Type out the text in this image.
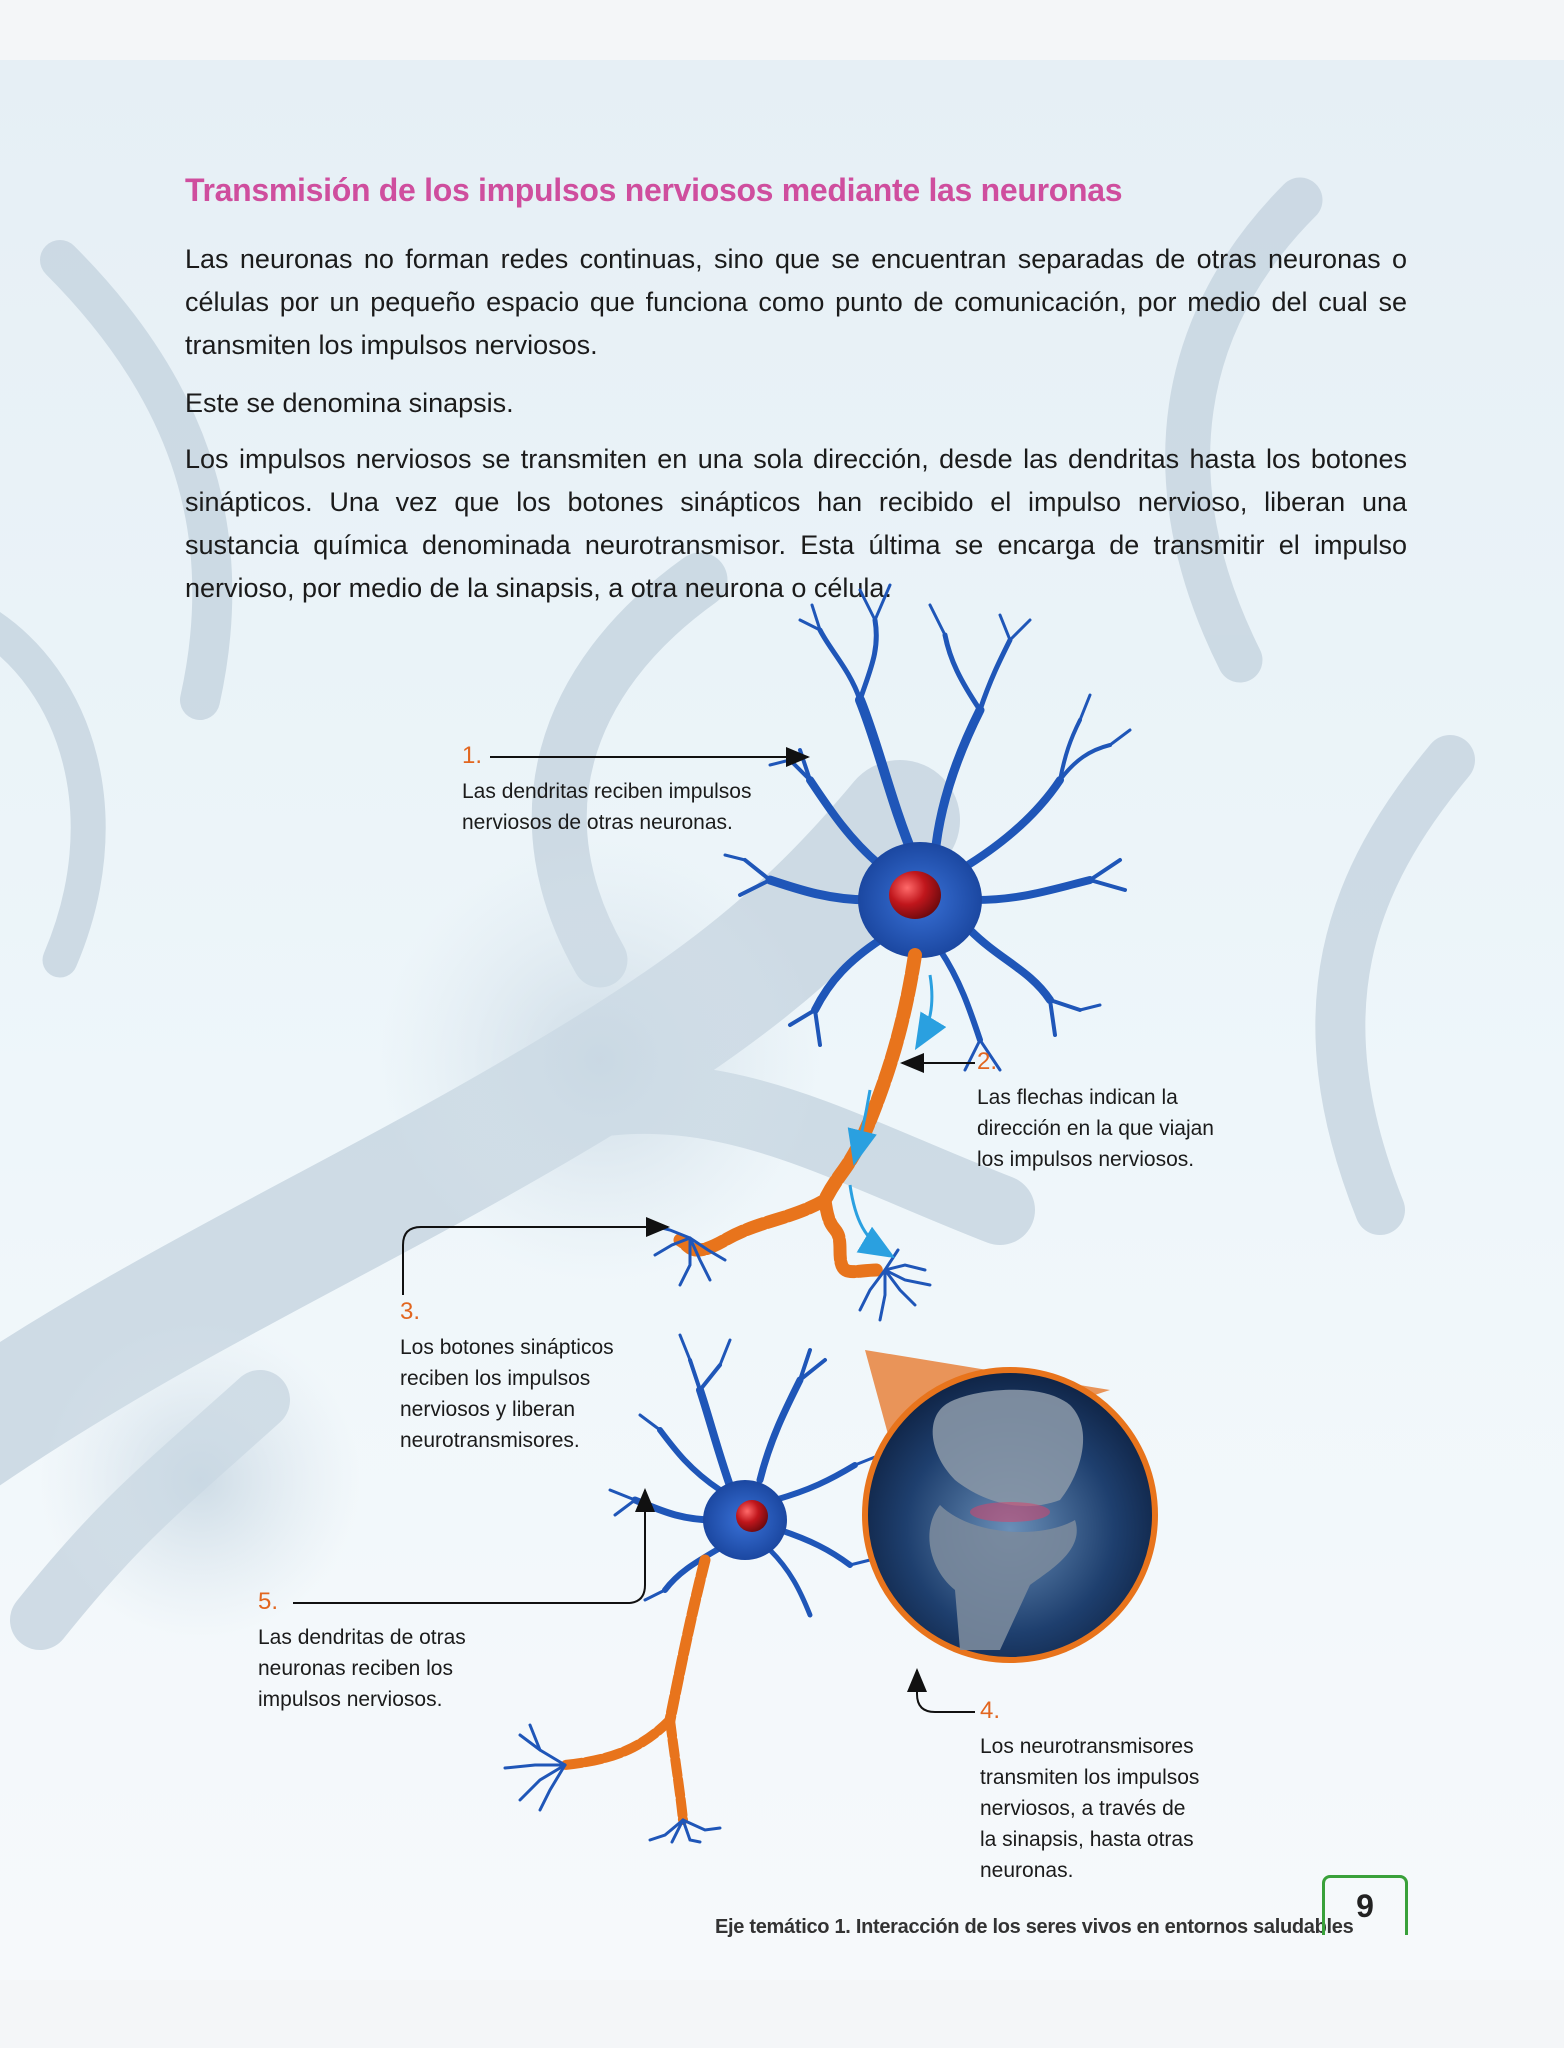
Transmisión de los impulsos nerviosos mediante las neuronas

Las neuronas no forman redes continuas, sino que se encuentran separadas de otras neuronas o células por un pequeño espacio que funciona como punto de comunicación, por medio del cual se transmiten los impulsos nerviosos.

Este se denomina sinapsis.

Los impulsos nerviosos se transmiten en una sola dirección, desde las dendritas hasta los botones sinápticos. Una vez que los botones sinápticos han recibido el impulso nervioso, liberan una sustancia química denominada neurotransmisor. Esta última se encarga de transmitir el impulso nervioso, por medio de la sinapsis, a otra neurona o célula.

1.
Las dendritas reciben impulsos
nerviosos de otras neuronas.
2.
Las flechas indican la
dirección en la que viajan
los impulsos nerviosos.
3.
Los botones sinápticos
reciben los impulsos
nerviosos y liberan
neurotransmisores.
4.
Los neurotransmisores
transmiten los impulsos
nerviosos, a través de
la sinapsis, hasta otras
neuronas.
5.
Las dendritas de otras
neuronas reciben los
impulsos nerviosos.
Eje temático 1. Interacción de los seres vivos en entornos saludables
9
